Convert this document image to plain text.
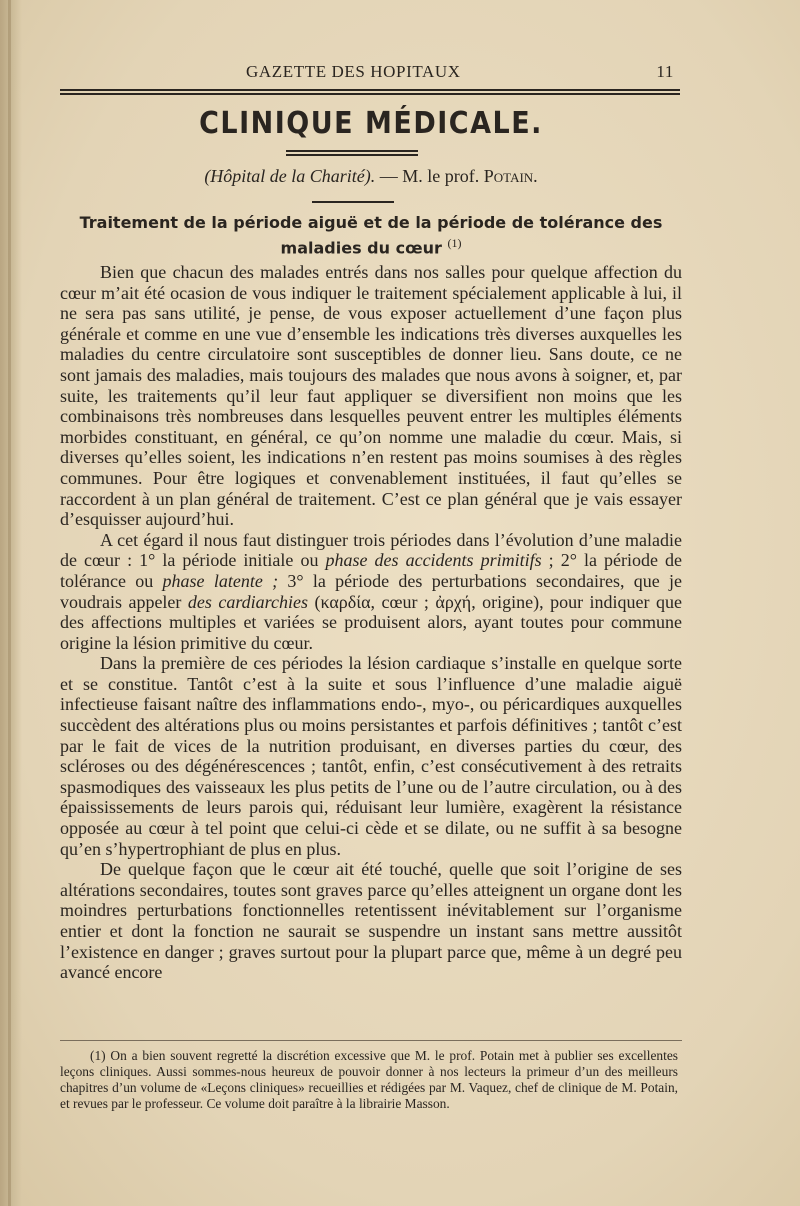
GAZETTE DES HOPITAUX	11
CLINIQUE MÉDICALE.
(Hôpital de la Charité). — M. le prof. Potain.
Traitement de la période aiguë et de la période de tolérance des maladies du cœur $^{(1)}$

Bien que chacun des malades entrés dans nos salles pour quelque affection du cœur m’ait été ocasion de vous indiquer le traitement spécialement applicable à lui, il ne sera pas sans utilité, je pense, de vous exposer actuellement d’une façon plus générale et comme en une vue d’ensemble les indications très diverses auxquelles les maladies du centre circulatoire sont susceptibles de donner lieu. Sans doute, ce ne sont jamais des maladies, mais toujours des malades que nous avons à soigner, et, par suite, les traitements qu’il leur faut appliquer se diversifient non moins que les combinaisons très nombreuses dans lesquelles peuvent entrer les multiples éléments morbides constituant, en général, ce qu’on nomme une maladie du cœur. Mais, si diverses qu’elles soient, les indications n’en restent pas moins soumises à des règles communes. Pour être logiques et convenablement instituées, il faut qu’elles se raccordent à un plan général de traitement. C’est ce plan général que je vais essayer d’esquisser aujourd’hui.

A cet égard il nous faut distinguer trois périodes dans l’évolution d’une maladie de cœur : 1° la période initiale ou phase des accidents primitifs ; 2° la période de tolérance ou phase latente ; 3° la période des perturbations secondaires, que je voudrais appeler des cardiarchies (καρδία, cœur ; ἀρχή, origine), pour indiquer que des affections multiples et variées se produisent alors, ayant toutes pour commune origine la lésion primitive du cœur.

Dans la première de ces périodes la lésion cardiaque s’installe en quelque sorte et se constitue. Tantôt c’est à la suite et sous l’influence d’une maladie aiguë infectieuse faisant naître des inflammations endo-, myo-, ou péricardiques auxquelles succèdent des altérations plus ou moins persistantes et parfois définitives ; tantôt c’est par le fait de vices de la nutrition produisant, en diverses parties du cœur, des scléroses ou des dégénérescences ; tantôt, enfin, c’est consécutivement à des retraits spasmodiques des vaisseaux les plus petits de l’une ou de l’autre circulation, ou à des épaississements de leurs parois qui, réduisant leur lumière, exagèrent la résistance opposée au cœur à tel point que celui-ci cède et se dilate, ou ne suffit à sa besogne qu’en s’hypertrophiant de plus en plus.

De quelque façon que le cœur ait été touché, quelle que soit l’origine de ses altérations secondaires, toutes sont graves parce qu’elles atteignent un organe dont les moindres perturbations fonctionnelles retentissent inévitablement sur l’organisme entier et dont la fonction ne saurait se suspendre un instant sans mettre aussitôt l’existence en danger ; graves surtout pour la plupart parce que, même à un degré peu avancé encore

(1) On a bien souvent regretté la discrétion excessive que M. le prof. Potain met à publier ses excellentes leçons cliniques. Aussi sommes-nous heureux de pouvoir donner à nos lecteurs la primeur d’un des meilleurs chapitres d’un volume de «Leçons cliniques» recueillies et rédigées par M. Vaquez, chef de clinique de M. Potain, et revues par le professeur. Ce volume doit paraître à la librairie Masson.
